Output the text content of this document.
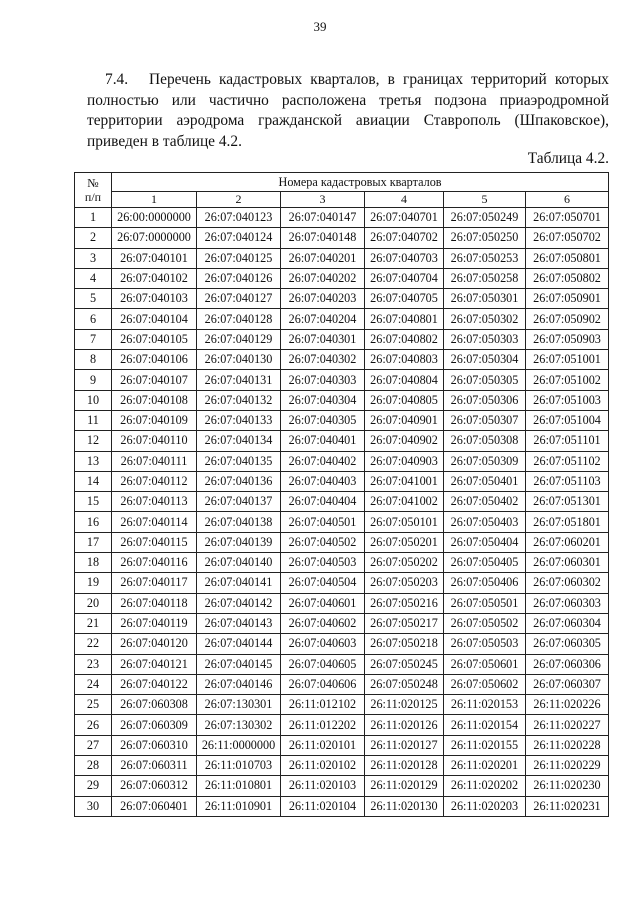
39

7.4. Перечень кадастровых кварталов, в границах территорий которых полностью или частично расположена третья подзона приаэродромной территории аэродрома гражданской авиации Ставрополь (Шпаковское), приведен в таблице 4.2.

Таблица 4.2.
№
п/п	Номера кадастровых кварталов					
	1	2	3	4	5	6
1	26:00:0000000	26:07:040123	26:07:040147	26:07:040701	26:07:050249	26:07:050701
2	26:07:0000000	26:07:040124	26:07:040148	26:07:040702	26:07:050250	26:07:050702
3	26:07:040101	26:07:040125	26:07:040201	26:07:040703	26:07:050253	26:07:050801
4	26:07:040102	26:07:040126	26:07:040202	26:07:040704	26:07:050258	26:07:050802
5	26:07:040103	26:07:040127	26:07:040203	26:07:040705	26:07:050301	26:07:050901
6	26:07:040104	26:07:040128	26:07:040204	26:07:040801	26:07:050302	26:07:050902
7	26:07:040105	26:07:040129	26:07:040301	26:07:040802	26:07:050303	26:07:050903
8	26:07:040106	26:07:040130	26:07:040302	26:07:040803	26:07:050304	26:07:051001
9	26:07:040107	26:07:040131	26:07:040303	26:07:040804	26:07:050305	26:07:051002
10	26:07:040108	26:07:040132	26:07:040304	26:07:040805	26:07:050306	26:07:051003
11	26:07:040109	26:07:040133	26:07:040305	26:07:040901	26:07:050307	26:07:051004
12	26:07:040110	26:07:040134	26:07:040401	26:07:040902	26:07:050308	26:07:051101
13	26:07:040111	26:07:040135	26:07:040402	26:07:040903	26:07:050309	26:07:051102
14	26:07:040112	26:07:040136	26:07:040403	26:07:041001	26:07:050401	26:07:051103
15	26:07:040113	26:07:040137	26:07:040404	26:07:041002	26:07:050402	26:07:051301
16	26:07:040114	26:07:040138	26:07:040501	26:07:050101	26:07:050403	26:07:051801
17	26:07:040115	26:07:040139	26:07:040502	26:07:050201	26:07:050404	26:07:060201
18	26:07:040116	26:07:040140	26:07:040503	26:07:050202	26:07:050405	26:07:060301
19	26:07:040117	26:07:040141	26:07:040504	26:07:050203	26:07:050406	26:07:060302
20	26:07:040118	26:07:040142	26:07:040601	26:07:050216	26:07:050501	26:07:060303
21	26:07:040119	26:07:040143	26:07:040602	26:07:050217	26:07:050502	26:07:060304
22	26:07:040120	26:07:040144	26:07:040603	26:07:050218	26:07:050503	26:07:060305
23	26:07:040121	26:07:040145	26:07:040605	26:07:050245	26:07:050601	26:07:060306
24	26:07:040122	26:07:040146	26:07:040606	26:07:050248	26:07:050602	26:07:060307
25	26:07:060308	26:07:130301	26:11:012102	26:11:020125	26:11:020153	26:11:020226
26	26:07:060309	26:07:130302	26:11:012202	26:11:020126	26:11:020154	26:11:020227
27	26:07:060310	26:11:0000000	26:11:020101	26:11:020127	26:11:020155	26:11:020228
28	26:07:060311	26:11:010703	26:11:020102	26:11:020128	26:11:020201	26:11:020229
29	26:07:060312	26:11:010801	26:11:020103	26:11:020129	26:11:020202	26:11:020230
30	26:07:060401	26:11:010901	26:11:020104	26:11:020130	26:11:020203	26:11:020231
